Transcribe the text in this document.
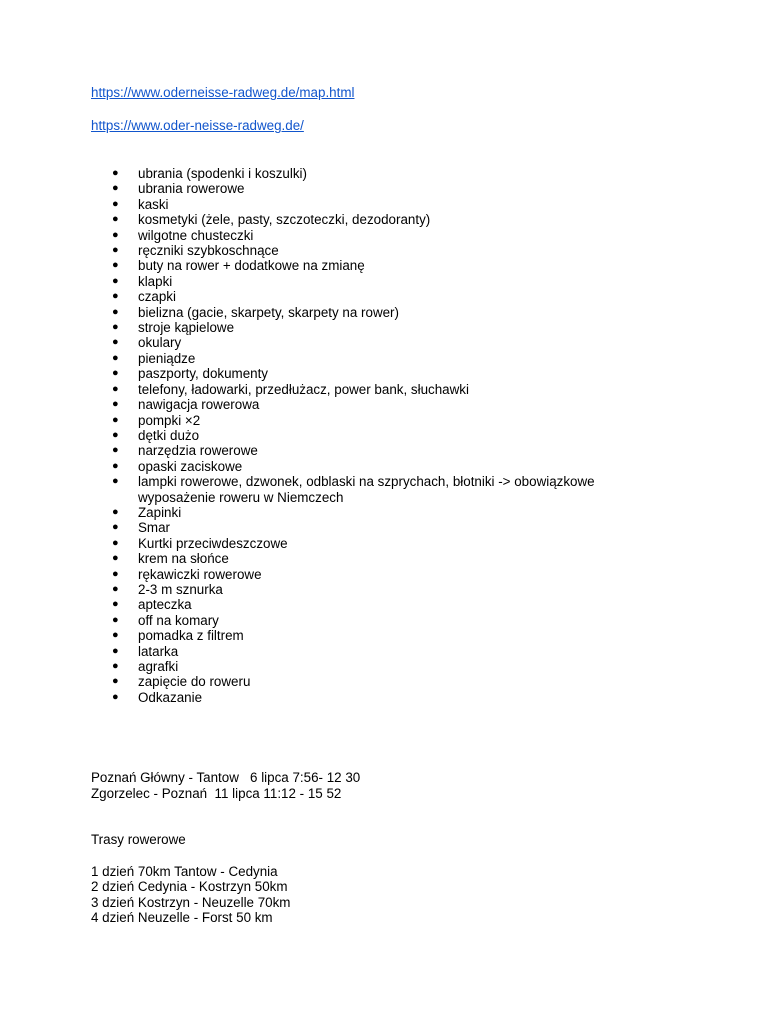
https://www.oderneisse-radweg.de/map.html
https://www.oder-neisse-radweg.de/
● ubrania (spodenki i koszulki)
● ubrania rowerowe
● kaski
● kosmetyki (żele, pasty, szczoteczki, dezodoranty)
● wilgotne chusteczki
● ręczniki szybkoschnące
● buty na rower + dodatkowe na zmianę
● klapki
● czapki
● bielizna (gacie, skarpety, skarpety na rower)
● stroje kąpielowe
● okulary
● pieniądze
● paszporty, dokumenty
● telefony, ładowarki, przedłużacz, power bank, słuchawki
● nawigacja rowerowa
● pompki ×2
● dętki dużo
● narzędzia rowerowe
● opaski zaciskowe
● lampki rowerowe, dzwonek, odblaski na szprychach, błotniki -> obowiązkowe wyposażenie roweru w Niemczech
● Zapinki
● Smar
● Kurtki przeciwdeszczowe
● krem na słońce
● rękawiczki rowerowe
● 2-3 m sznurka
● apteczka
● off na komary
● pomadka z filtrem
● latarka
● agrafki
● zapięcie do roweru
● Odkazanie
Poznań Główny - Tantow   6 lipca 7:56- 12 30
Zgorzelec - Poznań  11 lipca 11:12 - 15 52
Trasy rowerowe
1 dzień 70km Tantow - Cedynia
2 dzień Cedynia - Kostrzyn 50km
3 dzień Kostrzyn - Neuzelle 70km
4 dzień Neuzelle - Forst 50 km
